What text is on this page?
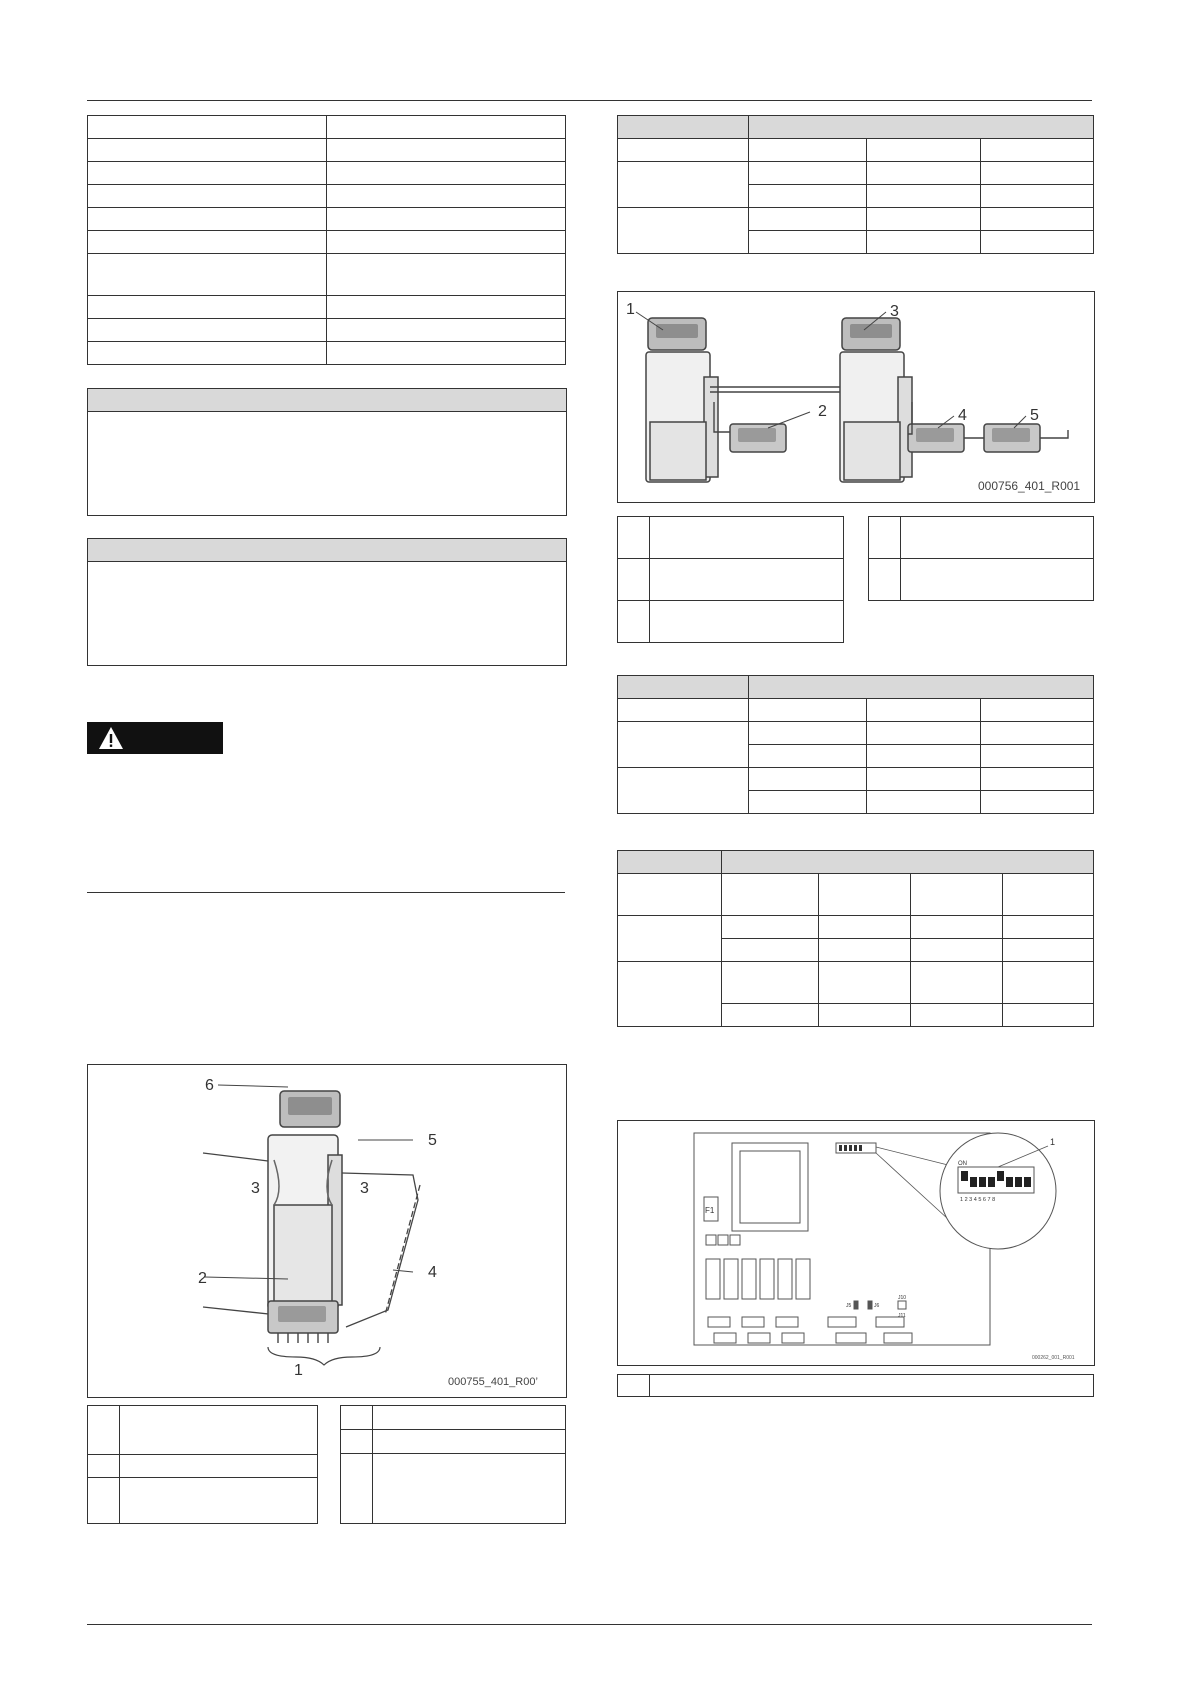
6
5
3	3
4
2
1
000755_401_R00’

1
2
3
4	5
000756_401_R001

F1
ON
1 2 3 4 5 6 7 8
J5	J6
J10
J11
1
000262_001_R001
